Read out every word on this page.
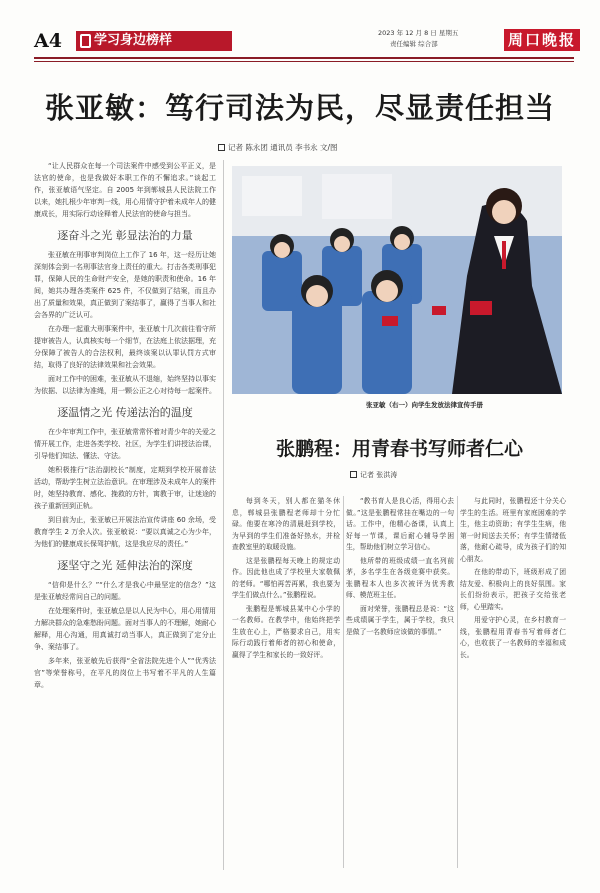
A4	学习身边榜样	2023 年 12 月 8 日 星期五
责任编辑 综合部	周口晚报
张亚敏：笃行司法为民，尽显责任担当
记者 陈永团 通讯员 李书永 文/图

“让人民群众在每一个司法案件中感受到公平正义，是法官的使命，也是我做好本职工作的不懈追求。”谈起工作，张亚敏语气坚定。自 2005 年到郸城县人民法院工作以来，她扎根少年审判一线，用心用情守护着未成年人的健康成长，用实际行动诠释着人民法官的使命与担当。

逐奋斗之光 彰显法治的力量

张亚敏在刑事审判岗位上工作了 16 年，这一经历让她深刻体会到一名刑事法官身上责任的重大。打击各类刑事犯罪，保障人民的生命财产安全，是她的职责和使命。16 年间，她共办理各类案件 625 件，不仅做到了结案，而且办出了质量和效果，真正做到了案结事了，赢得了当事人和社会各界的广泛认可。

在办理一起重大刑事案件中，张亚敏十几次前往看守所提审被告人，认真核实每一个细节，在法庭上依法据理，充分保障了被告人的合法权利，最终该案以认罪认罚方式审结，取得了良好的法律效果和社会效果。

面对工作中的困难，张亚敏从不退缩，始终坚持以事实为依据、以法律为准绳，用一颗公正之心对待每一起案件。

逐温情之光 传递法治的温度

在少年审判工作中，张亚敏常常怀着对青少年的关爱之情开展工作，走进各类学校、社区，为学生们讲授法治课，引导他们知法、懂法、守法。

她积极推行“法治副校长”制度，定期到学校开展普法活动，帮助学生树立法治意识。在审理涉及未成年人的案件时，她坚持教育、感化、挽救的方针，寓教于审，让迷途的孩子重新回到正轨。

到目前为止，张亚敏已开展法治宣传讲座 60 余场，受教育学生 2 万余人次。张亚敏说：“要以真诚之心为少年，为他们的健康成长保驾护航，这是我应尽的责任。”

逐坚守之光 延伸法治的深度

“信仰是什么？”“什么才是我心中最坚定的信念？”这是张亚敏经常问自己的问题。

在处理案件时，张亚敏总是以人民为中心，用心用情用力解决群众的急难愁盼问题。面对当事人的不理解，她耐心解释，用心沟通，用真诚打动当事人，真正做到了定分止争、案结事了。

多年来，张亚敏先后获得“全省法院先进个人”“优秀法官”等荣誉称号，在平凡的岗位上书写着不平凡的人生篇章。

张亚敏（右一）向学生发放法律宣传手册
张鹏程：用青春书写师者仁心
记者 张洪涛

每到冬天，别人都在猫冬休息，郸城县张鹏程老师却十分忙碌。他要在寒冷的清晨赶到学校，为早到的学生们准备好热水，并检查教室里的取暖设施。

这是张鹏程每天晚上的规定动作。因此他也成了学校里大家敬佩的老师。“哪怕再苦再累，我也要为学生们做点什么。”张鹏程说。

张鹏程是郸城县某中心小学的一名教师。在教学中，他始终把学生放在心上，严格要求自己，用实际行动践行着师者的初心和使命，赢得了学生和家长的一致好评。

“教书育人是良心活，得用心去做。”这是张鹏程常挂在嘴边的一句话。工作中，他精心备课，认真上好每一节课，课后耐心辅导学困生，帮助他们树立学习信心。

他所带的班级成绩一直名列前茅，多名学生在各级竞赛中获奖。张鹏程本人也多次被评为优秀教师、模范班主任。

面对荣誉，张鹏程总是说：“这些成绩属于学生，属于学校，我只是做了一名教师应该做的事情。”

与此同时，张鹏程还十分关心学生的生活。班里有家庭困难的学生，他主动资助；有学生生病，他第一时间送去关怀；有学生情绪低落，他耐心疏导，成为孩子们的知心朋友。

在他的带动下，班级形成了团结友爱、积极向上的良好氛围。家长们纷纷表示，把孩子交给张老师，心里踏实。

用爱守护心灵，在乡村教育一线，张鹏程用青春书写着师者仁心，也收获了一名教师的幸福和成长。
